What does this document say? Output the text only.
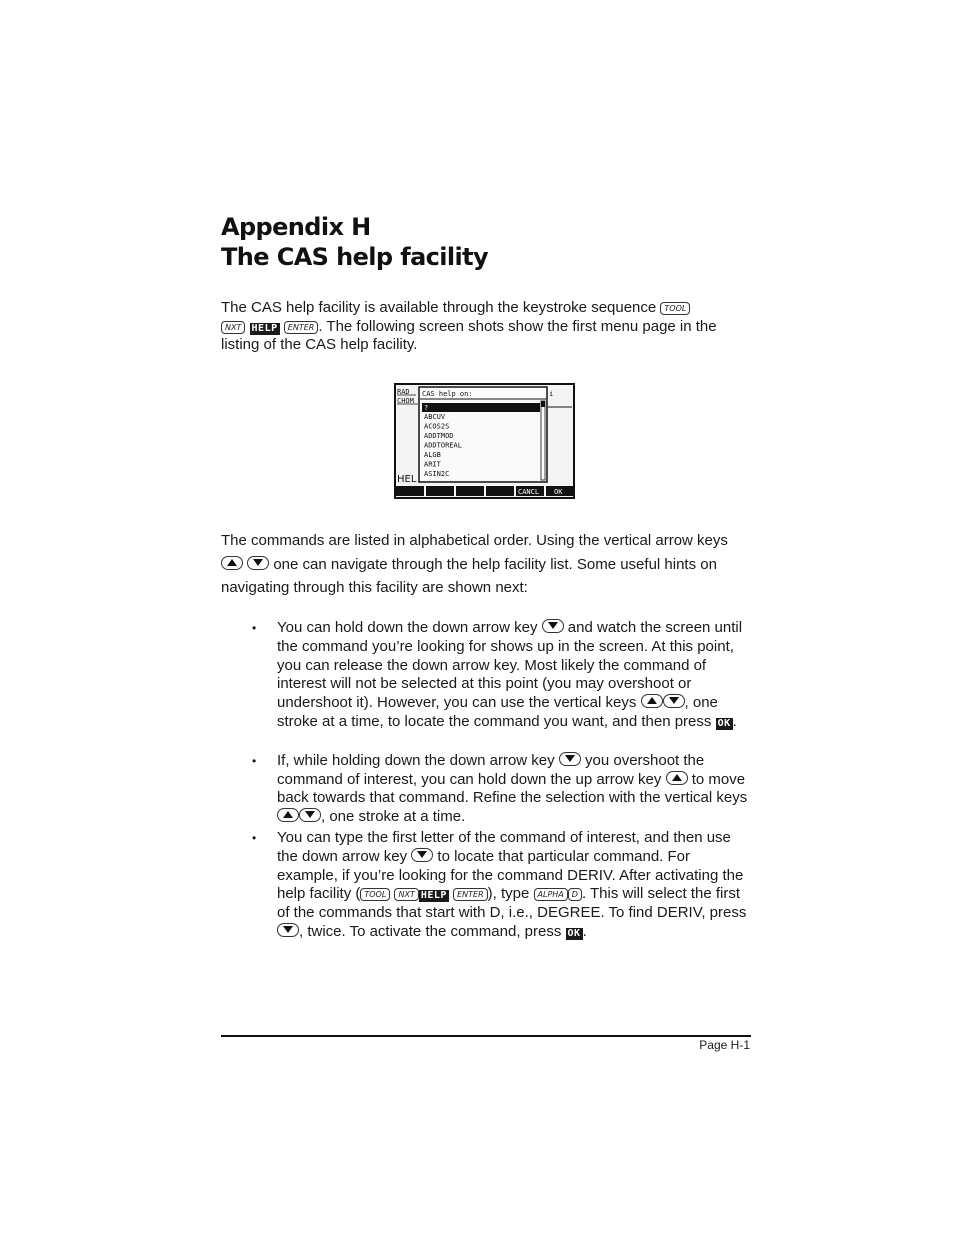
Appendix H
The CAS help facility
The CAS help facility is available through the keystroke sequence TOOL
NXT HELP ENTER . The following screen shots show the first menu page in the listing of the CAS help facility.
RAD
CHOM
CAS help on:
?
ABCUV
ACOS2S
ADDTMOD
ADDTOREAL
ALGB
ARIT
ASIN2C
i
HEL
CANCL OK
The commands are listed in alphabetical order. Using the vertical arrow keys

one can navigate through the help facility list. Some useful hints on
navigating through this facility are shown next:
• You can hold down the down arrow key
and watch the screen until the command you’re looking for shows up in the screen. At this point, you can release the down arrow key. Most likely the command of interest will not be selected at this point (you may overshoot or undershoot it). However, you can use the vertical keys	, one stroke at a time, to locate the command you want, and then press OK .
• If, while holding down the down arrow key
you overshoot the command of interest, you can hold down the up arrow key
to move back towards that command. Refine the selection with the vertical keys
, one stroke at a time.
• You can type the first letter of the command of interest, and then use the down arrow key
to locate that particular command. For example, if you’re looking for the command DERIV. After activating the help facility ( TOOL NXT HELP ENTER ), type ALPHA D . This will select the first of the commands that start with D, i.e., DEGREE. To find DERIV, press
, twice. To activate the command, press OK .
Page H-1
